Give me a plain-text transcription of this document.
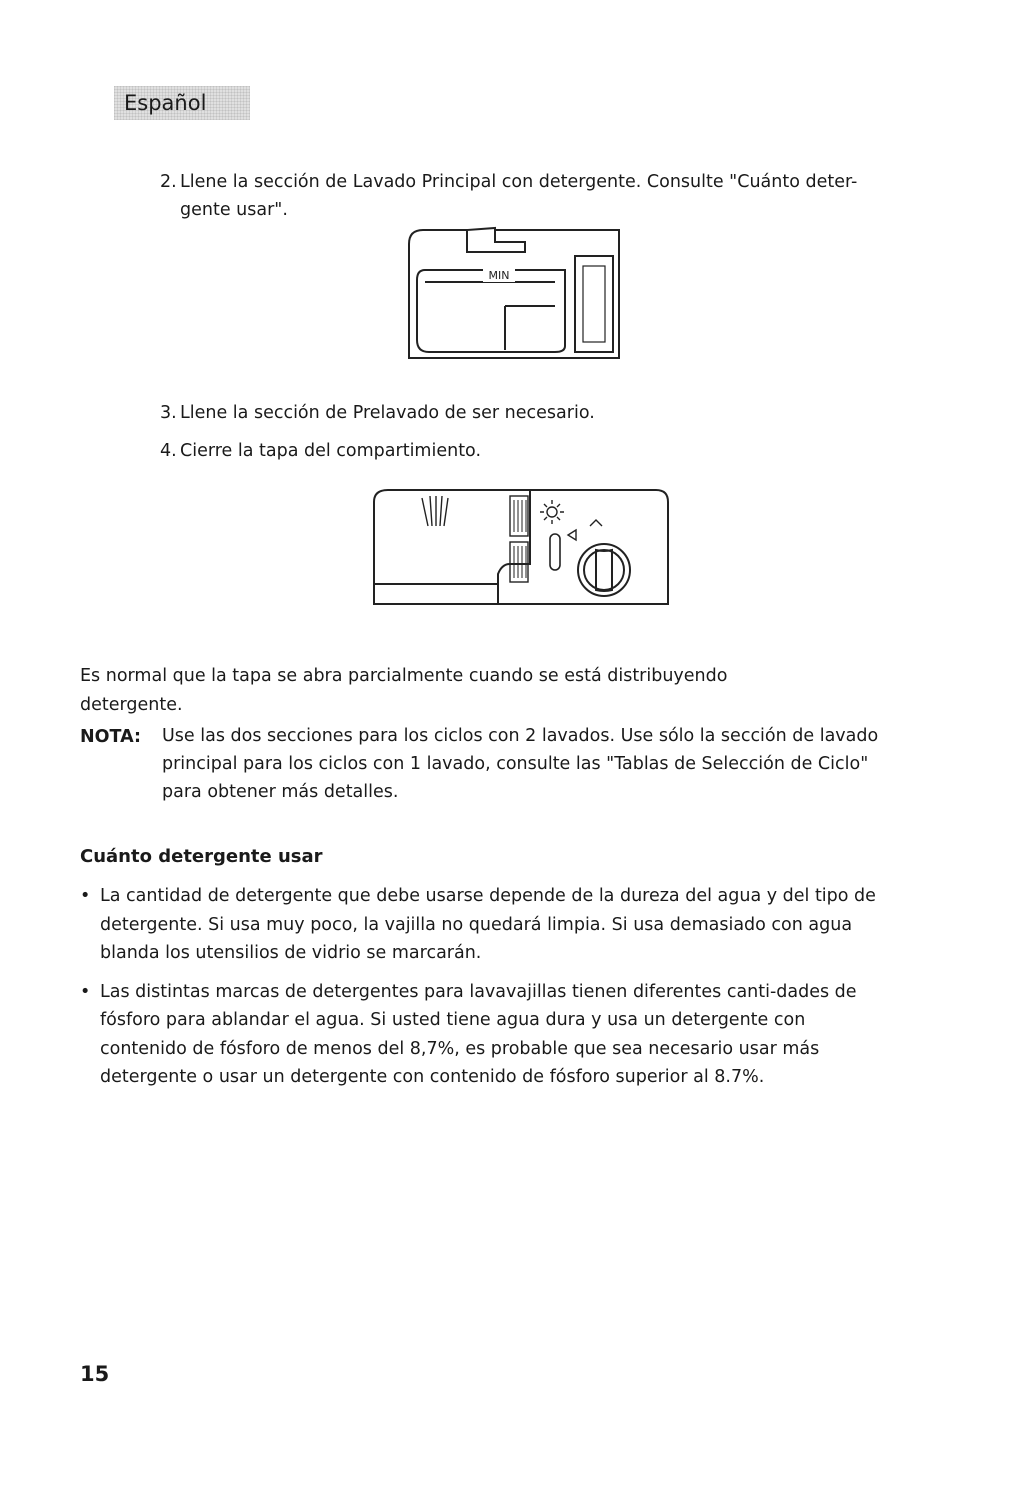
Español
2. Llene la sección de Lavado Principal con detergente. Consulte "Cuánto deter-
gente usar".
3. Llene la sección de Prelavado de ser necesario.
4. Cierre la tapa del compartimiento.
MIN

Es normal que la tapa se abra parcialmente cuando se está distribuyendo
detergente.

NOTA: Use las dos secciones para los ciclos con 2 lavados. Use sólo la sección de lavado principal para los ciclos con 1 lavado, consulte las "Tablas de Selección de Ciclo" para obtener más detalles.

Cuánto detergente usar
• La cantidad de detergente que debe usarse depende de la dureza del agua y del tipo de detergente. Si usa muy poco, la vajilla no quedará limpia. Si usa demasiado con agua blanda los utensilios de vidrio se marcarán.
• Las distintas marcas de detergentes para lavavajillas tienen diferentes canti-dades de fósforo para ablandar el agua. Si usted tiene agua dura y usa un detergente con contenido de fósforo de menos del 8,7%, es probable que sea necesario usar más detergente o usar un detergente con contenido de fósforo superior al 8.7%.
15
